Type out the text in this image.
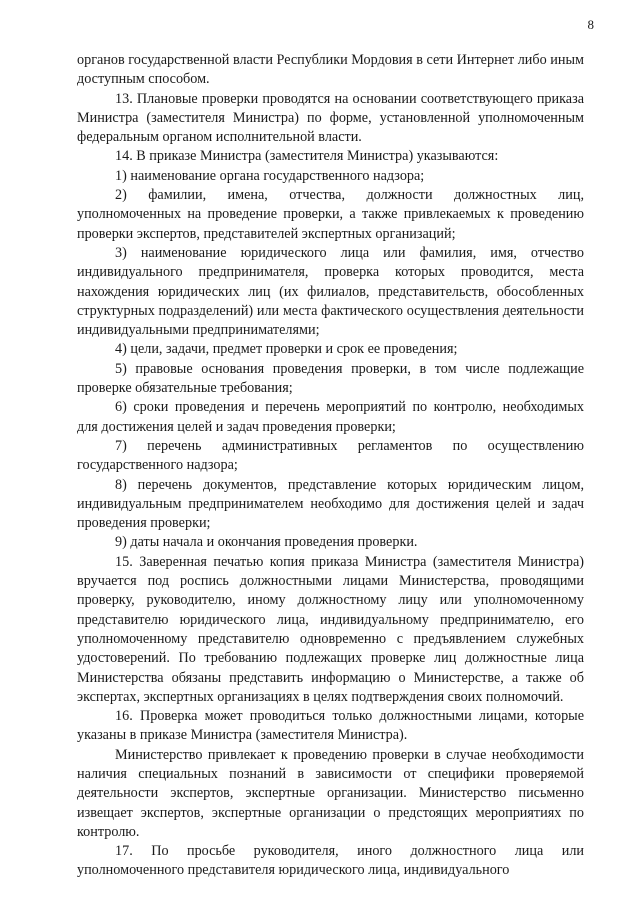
8

органов государственной власти Республики Мордовия в сети Интернет либо иным доступным способом.

13. Плановые проверки проводятся на основании соответствующего приказа Министра (заместителя Министра) по форме, установленной уполномоченным федеральным органом исполнительной власти.

14. В приказе Министра (заместителя Министра) указываются:

1) наименование органа государственного надзора;

2) фамилии, имена, отчества, должности должностных лиц, уполномоченных на проведение проверки, а также привлекаемых к проведению проверки экспертов, представителей экспертных организаций;

3) наименование юридического лица или фамилия, имя, отчество индивидуального предпринимателя, проверка которых проводится, места нахождения юридических лиц (их филиалов, представительств, обособленных структурных подразделений) или места фактического осуществления деятельности индивидуальными предпринимателями;

4) цели, задачи, предмет проверки и срок ее проведения;

5) правовые основания проведения проверки, в том числе подлежащие проверке обязательные требования;

6) сроки проведения и перечень мероприятий по контролю, необходимых для достижения целей и задач проведения проверки;

7) перечень административных регламентов по осуществлению государственного надзора;

8) перечень документов, представление которых юридическим лицом, индивидуальным предпринимателем необходимо для достижения целей и задач проведения проверки;

9) даты начала и окончания проведения проверки.

15. Заверенная печатью копия приказа Министра (заместителя Министра) вручается под роспись должностными лицами Министерства, проводящими проверку, руководителю, иному должностному лицу или уполномоченному представителю юридического лица, индивидуальному предпринимателю, его уполномоченному представителю одновременно с предъявлением служебных удостоверений. По требованию подлежащих проверке лиц должностные лица Министерства обязаны представить информацию о Министерстве, а также об экспертах, экспертных организациях в целях подтверждения своих полномочий.

16. Проверка может проводиться только должностными лицами, которые указаны в приказе Министра (заместителя Министра).

Министерство привлекает к проведению проверки в случае необходимости наличия специальных познаний в зависимости от специфики проверяемой деятельности экспертов, экспертные организации. Министерство письменно извещает экспертов, экспертные организации о предстоящих мероприятиях по контролю.

17. По просьбе руководителя, иного должностного лица или уполномоченного представителя юридического лица, индивидуального
